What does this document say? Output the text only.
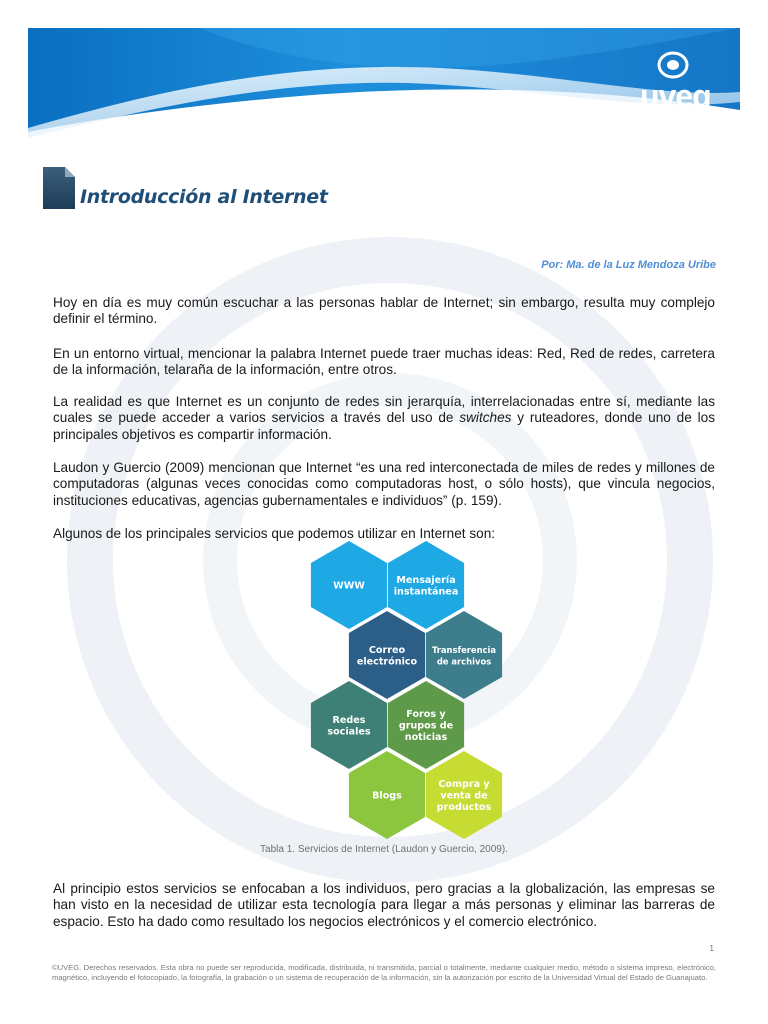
uveg
Universidad Virtual del Estado de Guanajuato
Introducción al Internet
Por: Ma. de la Luz Mendoza Uribe

Hoy en día es muy común escuchar a las personas hablar de Internet; sin embargo, resulta muy complejo definir el término.

En un entorno virtual, mencionar la palabra Internet puede traer muchas ideas: Red, Red de redes, carretera de la información, telaraña de la información, entre otros.

La realidad es que Internet es un conjunto de redes sin jerarquía, interrelacionadas entre sí, mediante las cuales se puede acceder a varios servicios a través del uso de switches y ruteadores, donde uno de los principales objetivos es compartir información.

Laudon y Guercio (2009) mencionan que Internet “es una red interconectada de miles de redes y millones de computadoras (algunas veces conocidas como computadoras host, o sólo hosts), que vincula negocios, instituciones educativas, agencias gubernamentales e individuos” (p. 159).

Algunos de los principales servicios que podemos utilizar en Internet son:

WWW
Mensajería instantánea
Correo electrónico
Transferencia de archivos
Redes sociales
Foros y grupos de noticias
Blogs
Compra y venta de productos
Tabla 1. Servicios de Internet (Laudon y Guercio, 2009).

Al principio estos servicios se enfocaban a los individuos, pero gracias a la globalización, las empresas se han visto en la necesidad de utilizar esta tecnología para llegar a más personas y eliminar las barreras de espacio. Esto ha dado como resultado los negocios electrónicos y el comercio electrónico.

1
©UVEG. Derechos reservados. Esta obra no puede ser reproducida, modificada, distribuida, ni transmitida, parcial o totalmente, mediante cualquier medio, método o sistema impreso, electrónico, magnético, incluyendo el fotocopiado, la fotografía, la grabación o un sistema de recuperación de la información, sin la autorización por escrito de la Universidad Virtual del Estado de Guanajuato.
